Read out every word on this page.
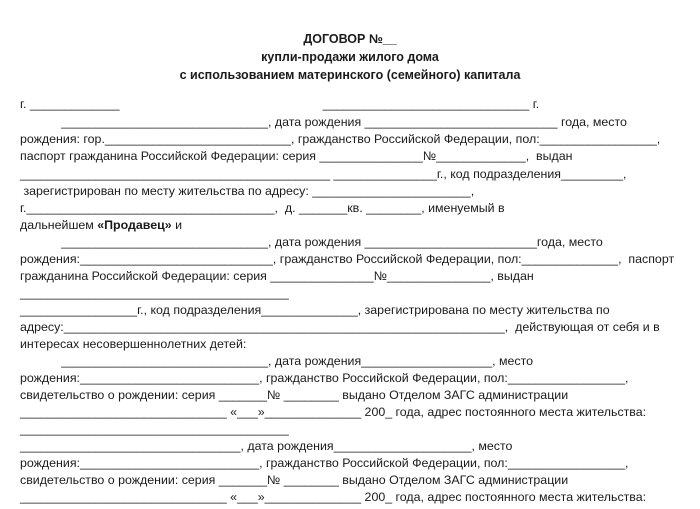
ДОГОВОР №__
купли-продажи жилого дома
с использованием материнского (семейного) капитала
г. _____________                                                           ______________________________ г.
______________________________, дата рождения ____________________________ года, место
рождения: гор.___________________________, гражданство Российской Федерации, пол:_________________,
паспорт гражданина Российской Федерации: серия _______________№_____________,  выдан
_____________________________________________ _______________г., код подразделения_________,
зарегистрирован по месту жительства по адресу: _______________________,
г.____________________________________,  д. _______кв. ________, именуемый в
дальнейшем «Продавец» и
______________________________, дата рождения _________________________года, место
рождения:____________________________, гражданство Российской Федерации, пол:______________,  паспорт
гражданина Российской Федерации: серия _______________№_______________, выдан
_______________________________________
_________________г., код подразделения______________, зарегистрирована по месту жительства по
адресу:________________________________________________________________,  действующая от себя и в
интересах несовершеннолетних детей:
______________________________, дата рождения___________________, место
рождения:__________________________, гражданство Российской Федерации, пол:_________________,
свидетельство о рождении: серия _______№ ________ выдано Отделом ЗАГС администрации
______________________________ «___»______________ 200_ года, адрес постоянного места жительства:
_______________________________________
________________________________, дата рождения____________________, место
рождения:__________________________, гражданство Российской Федерации, пол:_________________,
свидетельство о рождении: серия _______№ ________ выдано Отделом ЗАГС администрации
______________________________ «___»______________ 200_ года, адрес постоянного места жительства:
